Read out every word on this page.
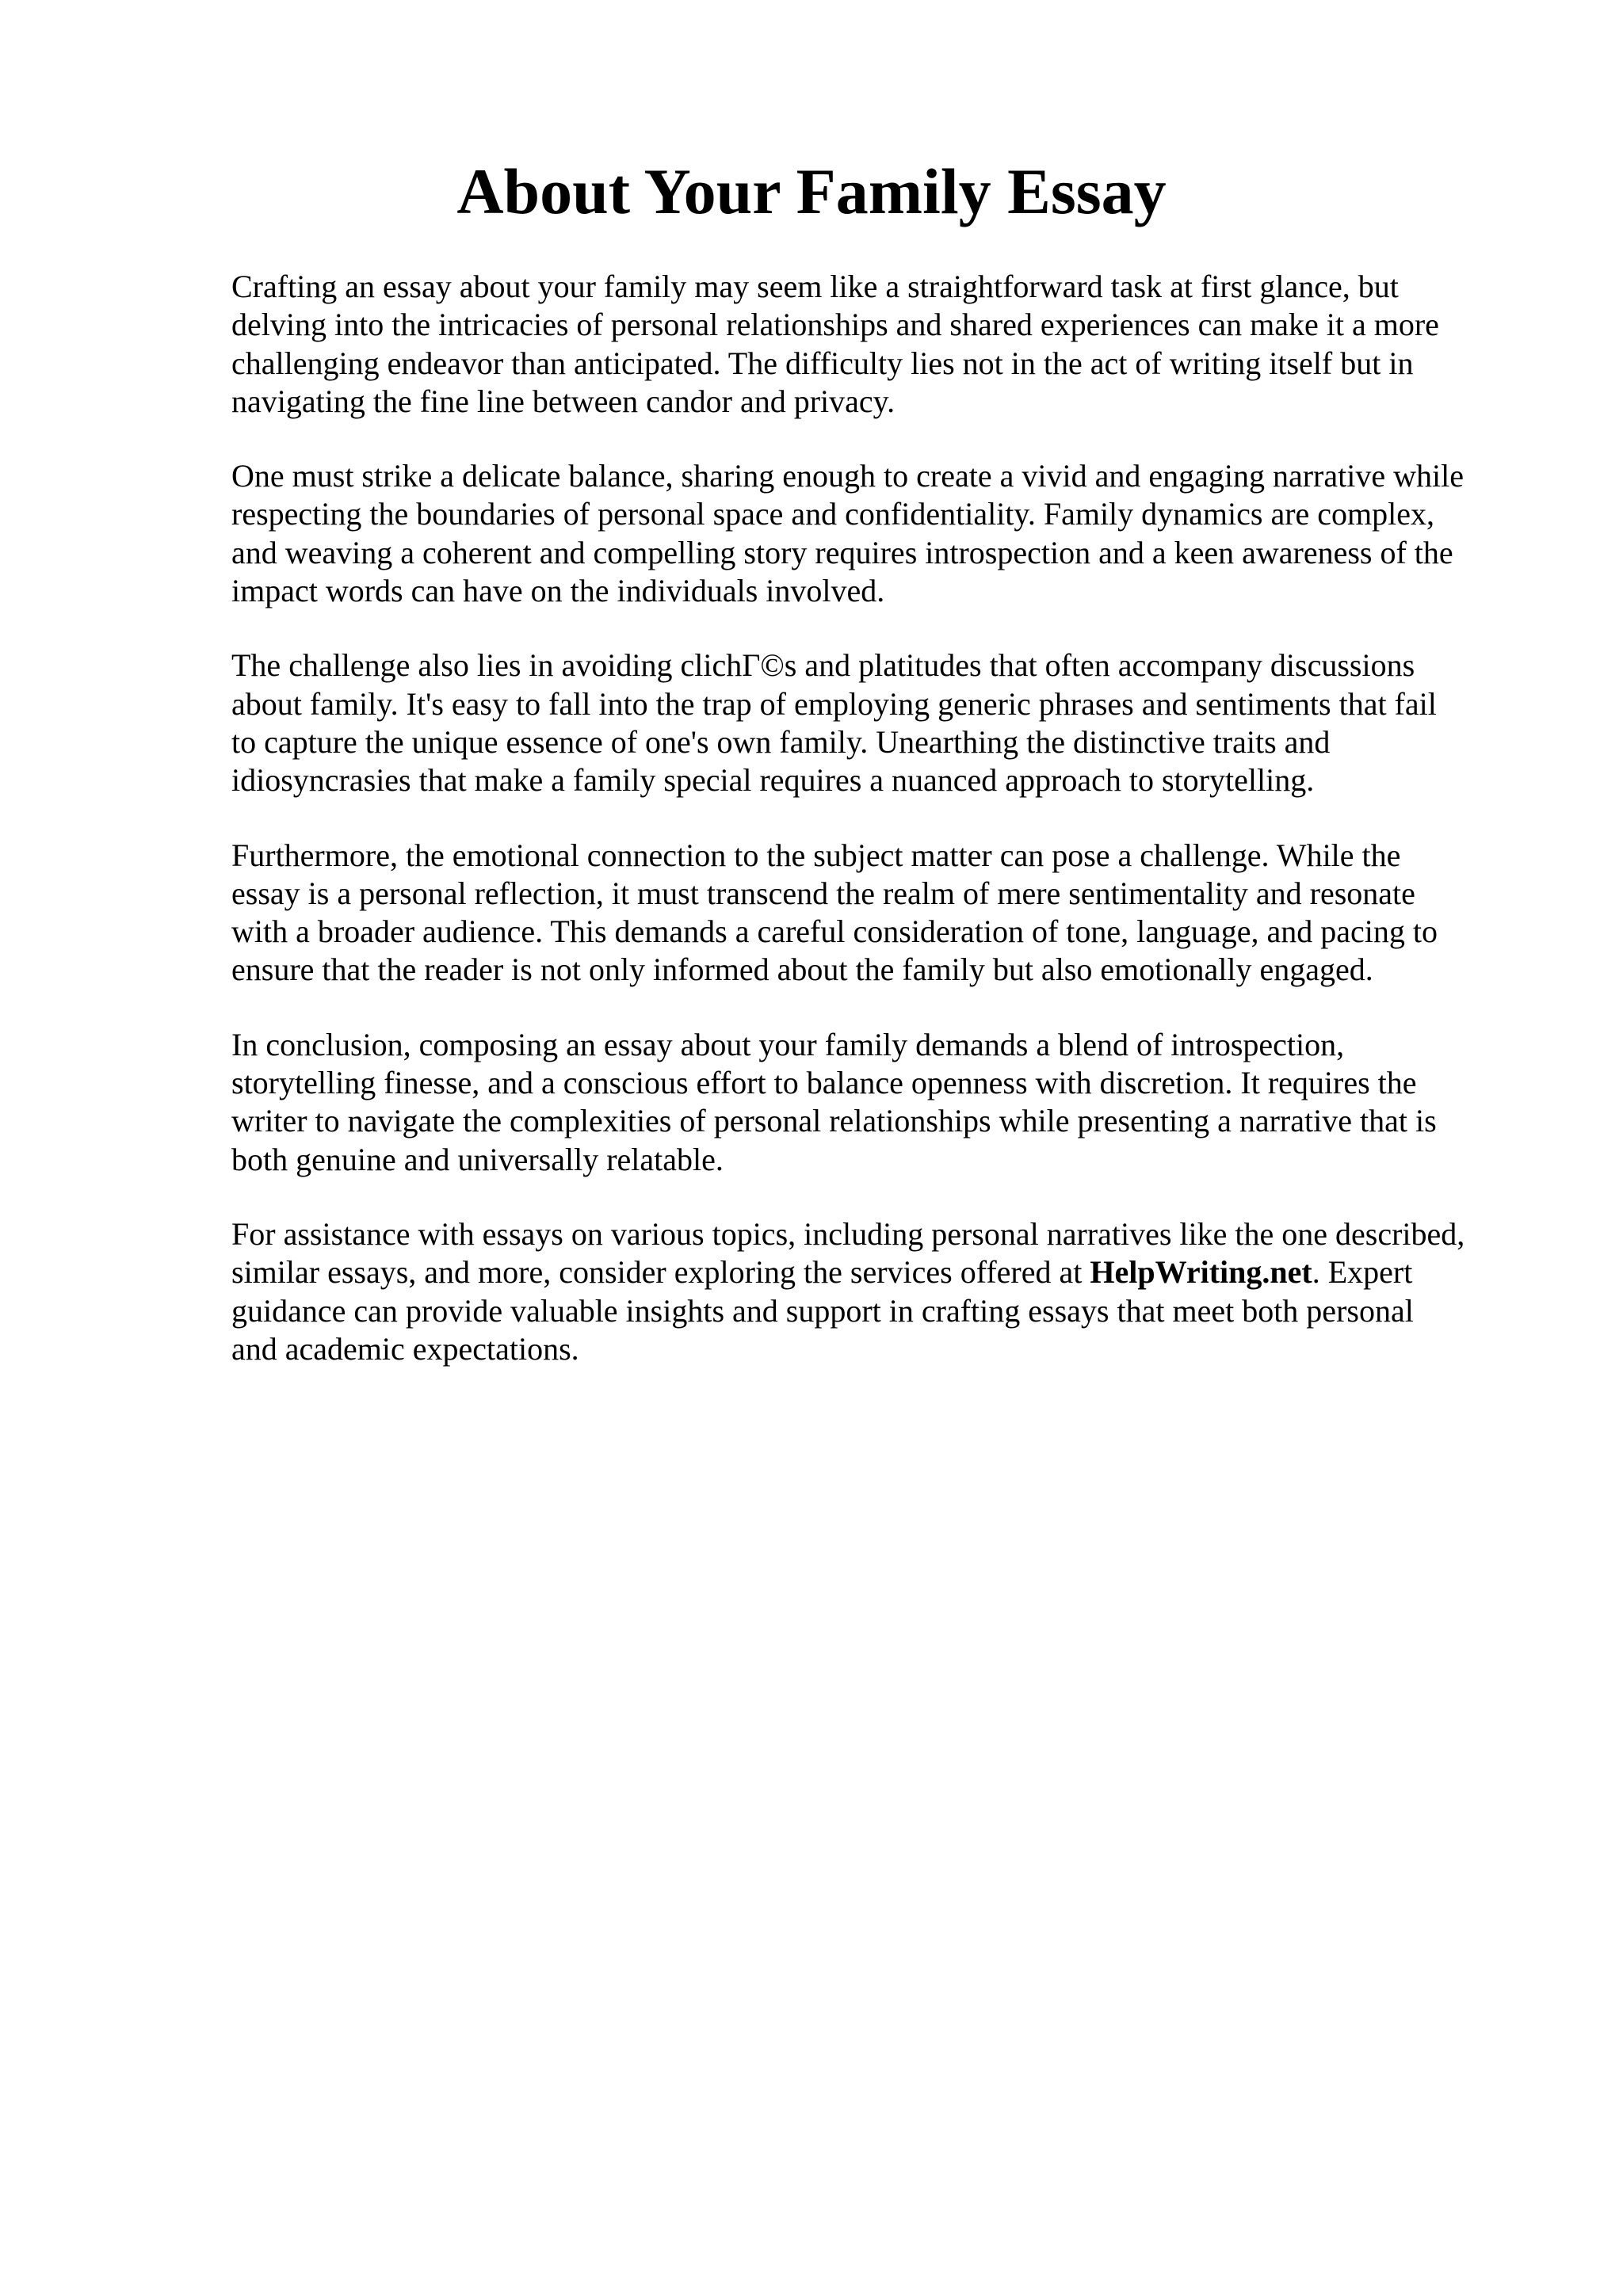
About Your Family Essay

Crafting an essay about your family may seem like a straightforward task at first glance, but
delving into the intricacies of personal relationships and shared experiences can make it a more
challenging endeavor than anticipated. The difficulty lies not in the act of writing itself but in
navigating the fine line between candor and privacy.

One must strike a delicate balance, sharing enough to create a vivid and engaging narrative while
respecting the boundaries of personal space and confidentiality. Family dynamics are complex,
and weaving a coherent and compelling story requires introspection and a keen awareness of the
impact words can have on the individuals involved.

The challenge also lies in avoiding clichΓ©s and platitudes that often accompany discussions
about family. It's easy to fall into the trap of employing generic phrases and sentiments that fail
to capture the unique essence of one's own family. Unearthing the distinctive traits and
idiosyncrasies that make a family special requires a nuanced approach to storytelling.

Furthermore, the emotional connection to the subject matter can pose a challenge. While the
essay is a personal reflection, it must transcend the realm of mere sentimentality and resonate
with a broader audience. This demands a careful consideration of tone, language, and pacing to
ensure that the reader is not only informed about the family but also emotionally engaged.

In conclusion, composing an essay about your family demands a blend of introspection,
storytelling finesse, and a conscious effort to balance openness with discretion. It requires the
writer to navigate the complexities of personal relationships while presenting a narrative that is
both genuine and universally relatable.

For assistance with essays on various topics, including personal narratives like the one described,
similar essays, and more, consider exploring the services offered at HelpWriting.net. Expert
guidance can provide valuable insights and support in crafting essays that meet both personal
and academic expectations.
